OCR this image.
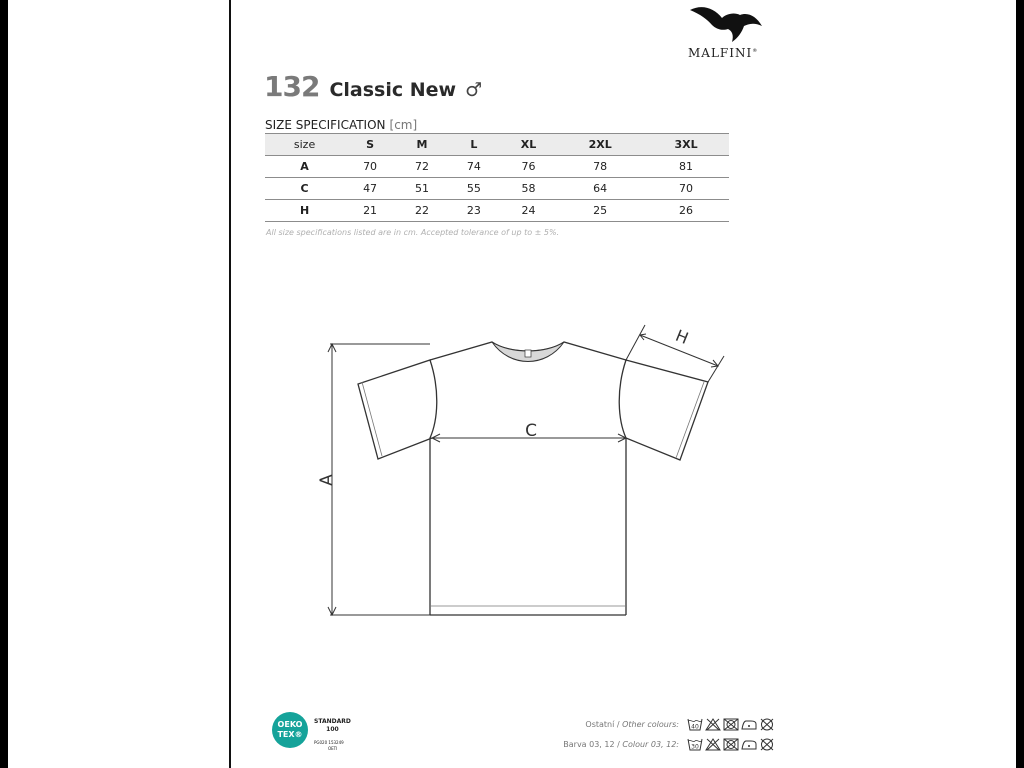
MALFINI®
132 Classic New ♂
SIZE SPECIFICATION [cm]
size	S	M	L	XL	2XL	3XL
A	70	72	74	76	78	81
C	47	51	55	58	64	70
H	21	22	23	24	25	26
All size specifications listed are in cm. Accepted tolerance of up to ± 5%.
A
C
H
OEKO
TEX®
STANDARD
100
PG020 153249
OETI
Ostatní / Other colours: 40
Barva 03, 12 / Colour 03, 12: 30
